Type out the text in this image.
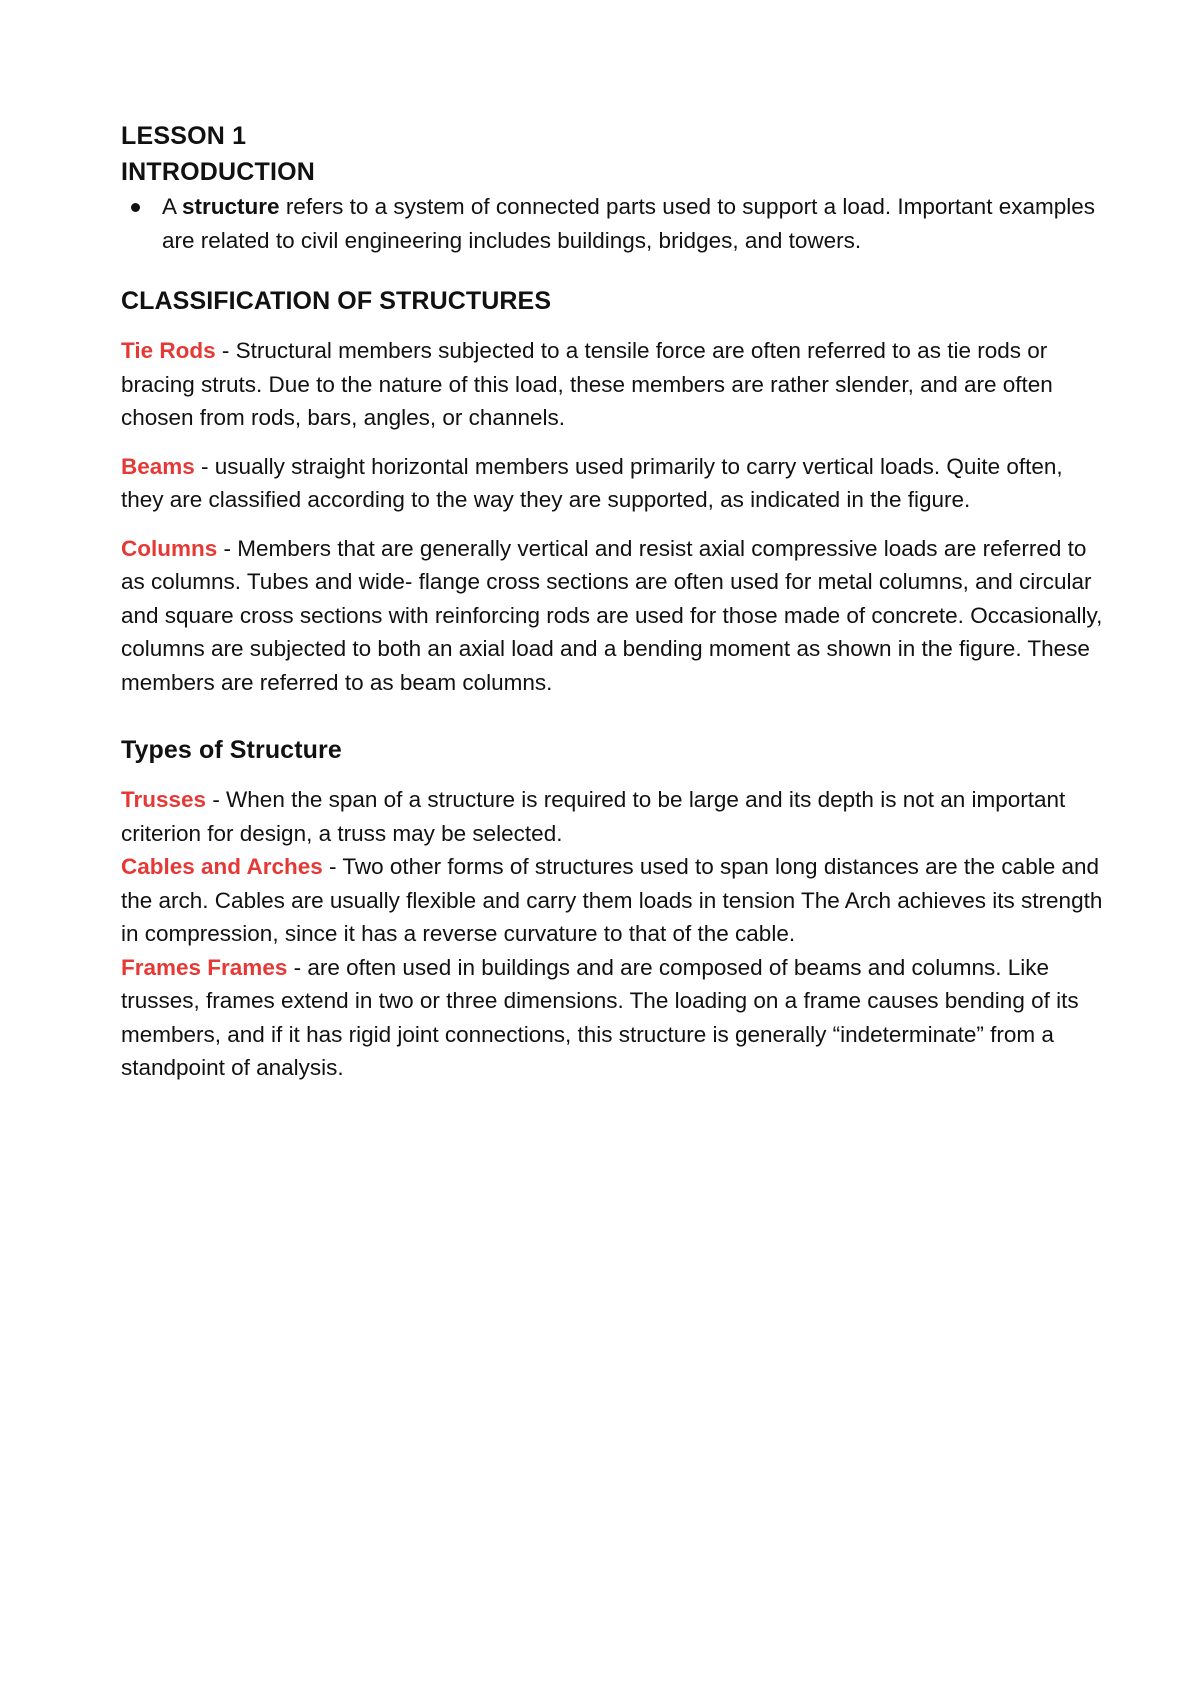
LESSON 1
INTRODUCTION
A structure refers to a system of connected parts used to support a load. Important examples are related to civil engineering includes buildings, bridges, and towers.
CLASSIFICATION OF STRUCTURES

Tie Rods - Structural members subjected to a tensile force are often referred to as tie rods or bracing struts. Due to the nature of this load, these members are rather slender, and are often chosen from rods, bars, angles, or channels.

Beams - usually straight horizontal members used primarily to carry vertical loads. Quite often, they are classified according to the way they are supported, as indicated in the figure.

Columns - Members that are generally vertical and resist axial compressive loads are referred to as columns. Tubes and wide- flange cross sections are often used for metal columns, and circular and square cross sections with reinforcing rods are used for those made of concrete. Occasionally, columns are subjected to both an axial load and a bending moment as shown in the figure. These members are referred to as beam columns.

Types of Structure

Trusses - When the span of a structure is required to be large and its depth is not an important criterion for design, a truss may be selected.

Cables and Arches - Two other forms of structures used to span long distances are the cable and the arch. Cables are usually flexible and carry them loads in tension The Arch achieves its strength in compression, since it has a reverse curvature to that of the cable.

Frames Frames - are often used in buildings and are composed of beams and columns. Like trusses, frames extend in two or three dimensions. The loading on a frame causes bending of its members, and if it has rigid joint connections, this structure is generally “indeterminate” from a standpoint of analysis.
